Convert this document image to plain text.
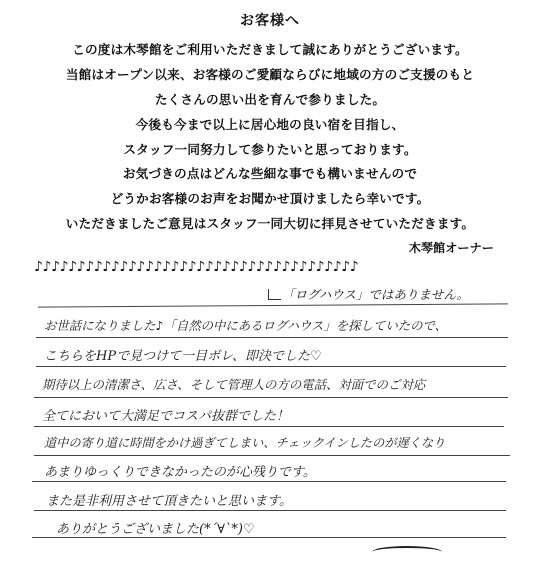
お客様へ
この度は木琴館をご利用いただきまして誠にありがとうございます。
当館はオープン以来、お客様のご愛顧ならびに地域の方のご支援のもと
たくさんの思い出を育んで参りました。
今後も今まで以上に居心地の良い宿を目指し、
スタッフ一同努力して参りたいと思っております。
お気づきの点はどんな些細な事でも構いませんので
どうかお客様のお声をお聞かせ頂けましたら幸いです。
いただきましたご意見はスタッフ一同大切に拝見させていただきます。
木琴館オーナー
♪♪♪♪♪♪♪♪♪♪♪♪♪♪♪♪♪♪♪♪♪♪♪♪♪♪♪♪♪♪♪♪♪♪♪♪♪♪
「ログハウス」ではありません。
お世話になりました♪「自然の中にあるログハウス」を探していたので、
こちらをHPで見つけて一目ボレ、即決でした♡
期待以上の清潔さ、広さ、そして管理人の方の電話、対面でのご対応
全てにおいて大満足でコスパ抜群でした！
道中の寄り道に時間をかけ過ぎてしまい、チェックインしたのが遅くなり
あまりゆっくりできなかったのが心残りです。
また是非利用させて頂きたいと思います。
ありがとうございました(*´∀`*)♡
